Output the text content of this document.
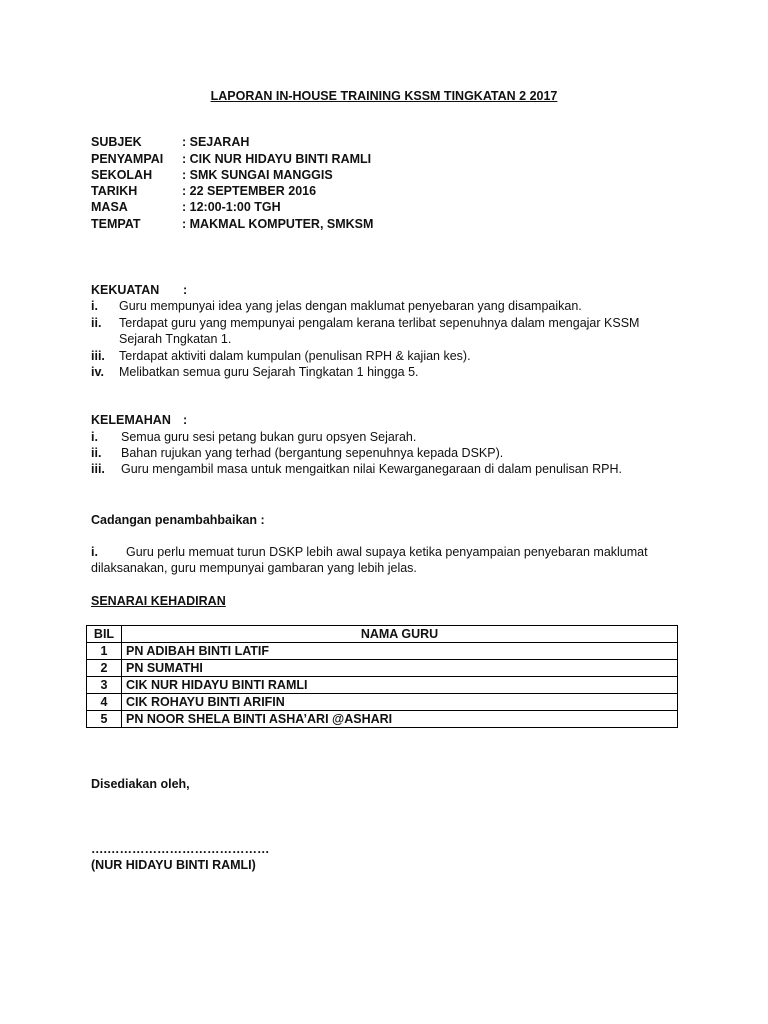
LAPORAN IN-HOUSE TRAINING KSSM TINGKATAN 2 2017
SUBJEK	: SEJARAH
PENYAMPAI : CIK NUR HIDAYU BINTI RAMLI
SEKOLAH : SMK SUNGAI MANGGIS
TARIKH	: 22 SEPTEMBER 2016
MASA	: 12:00-1:00 TGH
TEMPAT	: MAKMAL KOMPUTER, SMKSM
KEKUATAN :
i. Guru mempunyai idea yang jelas dengan maklumat penyebaran yang disampaikan.
ii. Terdapat guru yang mempunyai pengalam kerana terlibat sepenuhnya dalam mengajar KSSM
Sejarah Tngkatan 1.
iii. Terdapat aktiviti dalam kumpulan (penulisan RPH & kajian kes).
iv. Melibatkan semua guru Sejarah Tingkatan 1 hingga 5.
KELEMAHAN :
i. Semua guru sesi petang bukan guru opsyen Sejarah.
ii. Bahan rujukan yang terhad (bergantung sepenuhnya kepada DSKP).
iii. Guru mengambil masa untuk mengaitkan nilai Kewarganegaraan di dalam penulisan RPH.
Cadangan penambahbaikan :
i. Guru perlu memuat turun DSKP lebih awal supaya ketika penyampaian penyebaran maklumat
dilaksanakan, guru mempunyai gambaran yang lebih jelas.
SENARAI KEHADIRAN
BIL	NAMA GURU
1	PN ADIBAH BINTI LATIF
2	PN SUMATHI
3	CIK NUR HIDAYU BINTI RAMLI
4	CIK ROHAYU BINTI ARIFIN
5	PN NOOR SHELA BINTI ASHA’ARI @ASHARI
Disediakan oleh,
….…………………………………
(NUR HIDAYU BINTI RAMLI)
